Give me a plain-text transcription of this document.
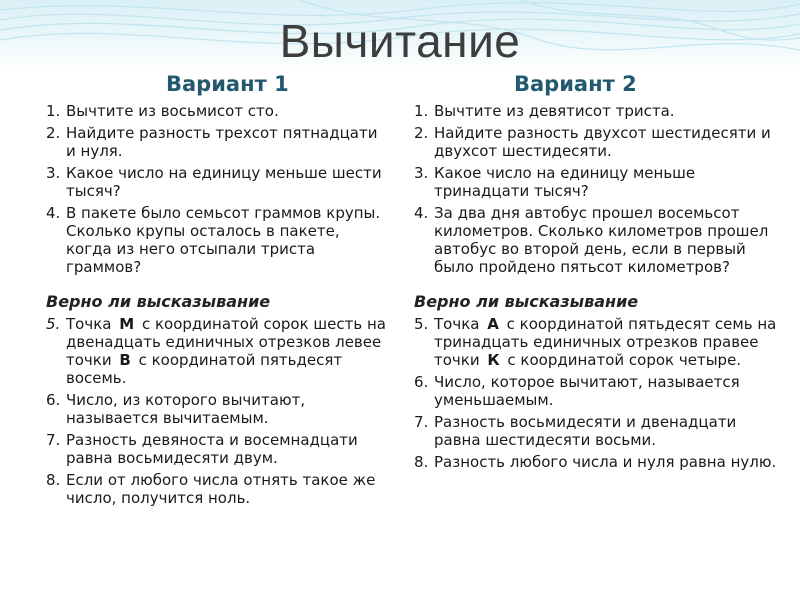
Вычитание
Вариант 1
1. Вычтите из восьмисот сто.
2. Найдите разность трехсот пятнадцати и нуля.
3. Какое число на единицу меньше шести тысяч?
4. В пакете было семьсот граммов крупы. Сколько крупы осталось в пакете, когда из него отсыпали триста граммов?
Верно ли высказывание
5. Точка М с координатой сорок шесть на двенадцать единичных отрезков левее точки В с координатой пятьдесят восемь.
6. Число, из которого вычитают, называется вычитаемым.
7. Разность девяноста и восемнадцати равна восьмидесяти двум.
8. Если от любого числа отнять такое же число, получится ноль.
Вариант 2
1. Вычтите из девятисот триста.
2. Найдите разность двухсот шестидесяти и двухсот шестидесяти.
3. Какое число на единицу меньше тринадцати тысяч?
4. За два дня автобус прошел восемьсот километров. Сколько километров прошел автобус во второй день, если в первый было пройдено пятьсот километров?
Верно ли высказывание
5. Точка А с координатой пятьдесят семь на тринадцать единичных отрезков правее точки К с координатой сорок четыре.
6. Число, которое вычитают, называется уменьшаемым.
7. Разность восьмидесяти и двенадцати равна шестидесяти восьми.
8. Разность любого числа и нуля равна нулю.
